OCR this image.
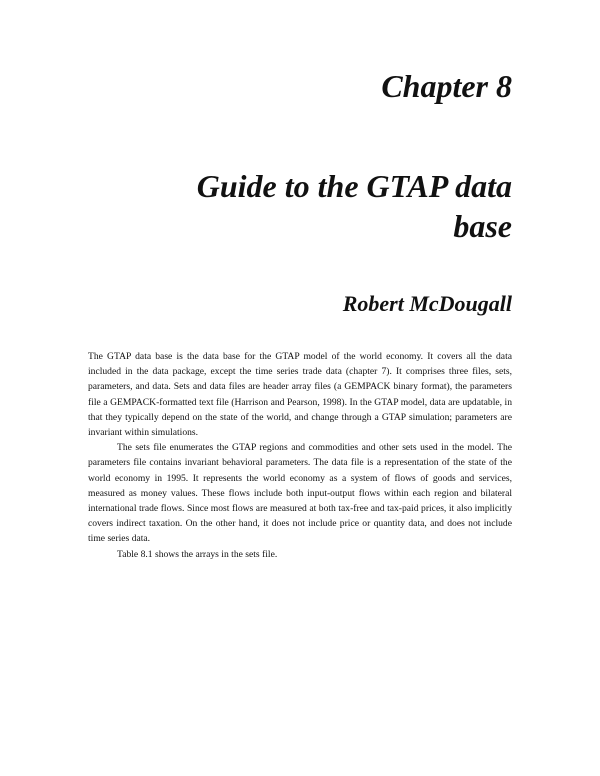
Chapter 8
Guide to the GTAP data
base
Robert McDougall

The GTAP data base is the data base for the GTAP model of the world economy. It covers all the data included in the data package, except the time series trade data (chapter 7). It comprises three files, sets, parameters, and data. Sets and data files are header array files (a GEMPACK binary format), the parameters file a GEMPACK-formatted text file (Harrison and Pearson, 1998). In the GTAP model, data are updatable, in that they typically depend on the state of the world, and change through a GTAP simulation; parameters are invariant within simulations.

The sets file enumerates the GTAP regions and commodities and other sets used in the model. The parameters file contains invariant behavioral parameters. The data file is a representation of the state of the world economy in 1995. It represents the world economy as a system of flows of goods and services, measured as money values. These flows include both input-output flows within each region and bilateral international trade flows. Since most flows are measured at both tax-free and tax-paid prices, it also implicitly covers indirect taxation. On the other hand, it does not include price or quantity data, and does not include time series data.

Table 8.1 shows the arrays in the sets file.
